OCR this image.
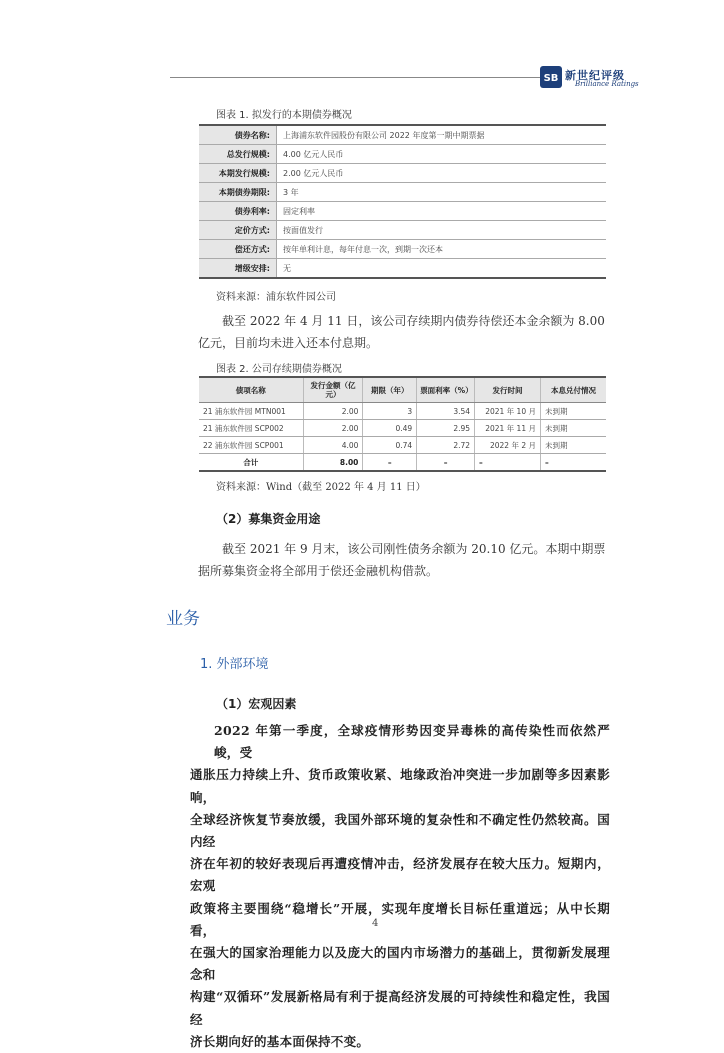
SB 新世纪评级
Brilliance Ratings
图表 1. 拟发行的本期债券概况
债券名称:	上海浦东软件园股份有限公司 2022 年度第一期中期票据
总发行规模:	4.00 亿元人民币
本期发行规模:	2.00 亿元人民币
本期债券期限:	3 年
债券利率:	固定利率
定价方式:	按面值发行
偿还方式:	按年单利计息，每年付息一次，到期一次还本
增级安排:	无
资料来源：浦东软件园公司
截至 2022 年 4 月 11 日，该公司存续期内债券待偿还本金余额为 8.00 亿元，目前均未进入还本付息期。
图表 2. 公司存续期债券概况
债项名称	发行金额（亿元）	期限（年）	票面利率（%）	发行时间	本息兑付情况
21 浦东软件园 MTN001	2.00	3	3.54	2021 年 10 月	未到期
21 浦东软件园 SCP002	2.00	0.49	2.95	2021 年 11 月	未到期
22 浦东软件园 SCP001	4.00	0.74	2.72	2022 年 2 月	未到期
合计	8.00	–	–	–	–
资料来源：Wind（截至 2022 年 4 月 11 日）
（2）募集资金用途
截至 2021 年 9 月末，该公司刚性债务余额为 20.10 亿元。本期中期票据所募集资金将全部用于偿还金融机构借款。
业务
1. 外部环境
（1）宏观因素
2022 年第一季度，全球疫情形势因变异毒株的高传染性而依然严峻，受
通胀压力持续上升、货币政策收紧、地缘政治冲突进一步加剧等多因素影响，
全球经济恢复节奏放缓，我国外部环境的复杂性和不确定性仍然较高。国内经
济在年初的较好表现后再遭疫情冲击，经济发展存在较大压力。短期内，宏观
政策将主要围绕“稳增长”开展，实现年度增长目标任重道远；从中长期看，
在强大的国家治理能力以及庞大的国内市场潜力的基础上，贯彻新发展理念和
构建“双循环”发展新格局有利于提高经济发展的可持续性和稳定性，我国经
济长期向好的基本面保持不变。
4
